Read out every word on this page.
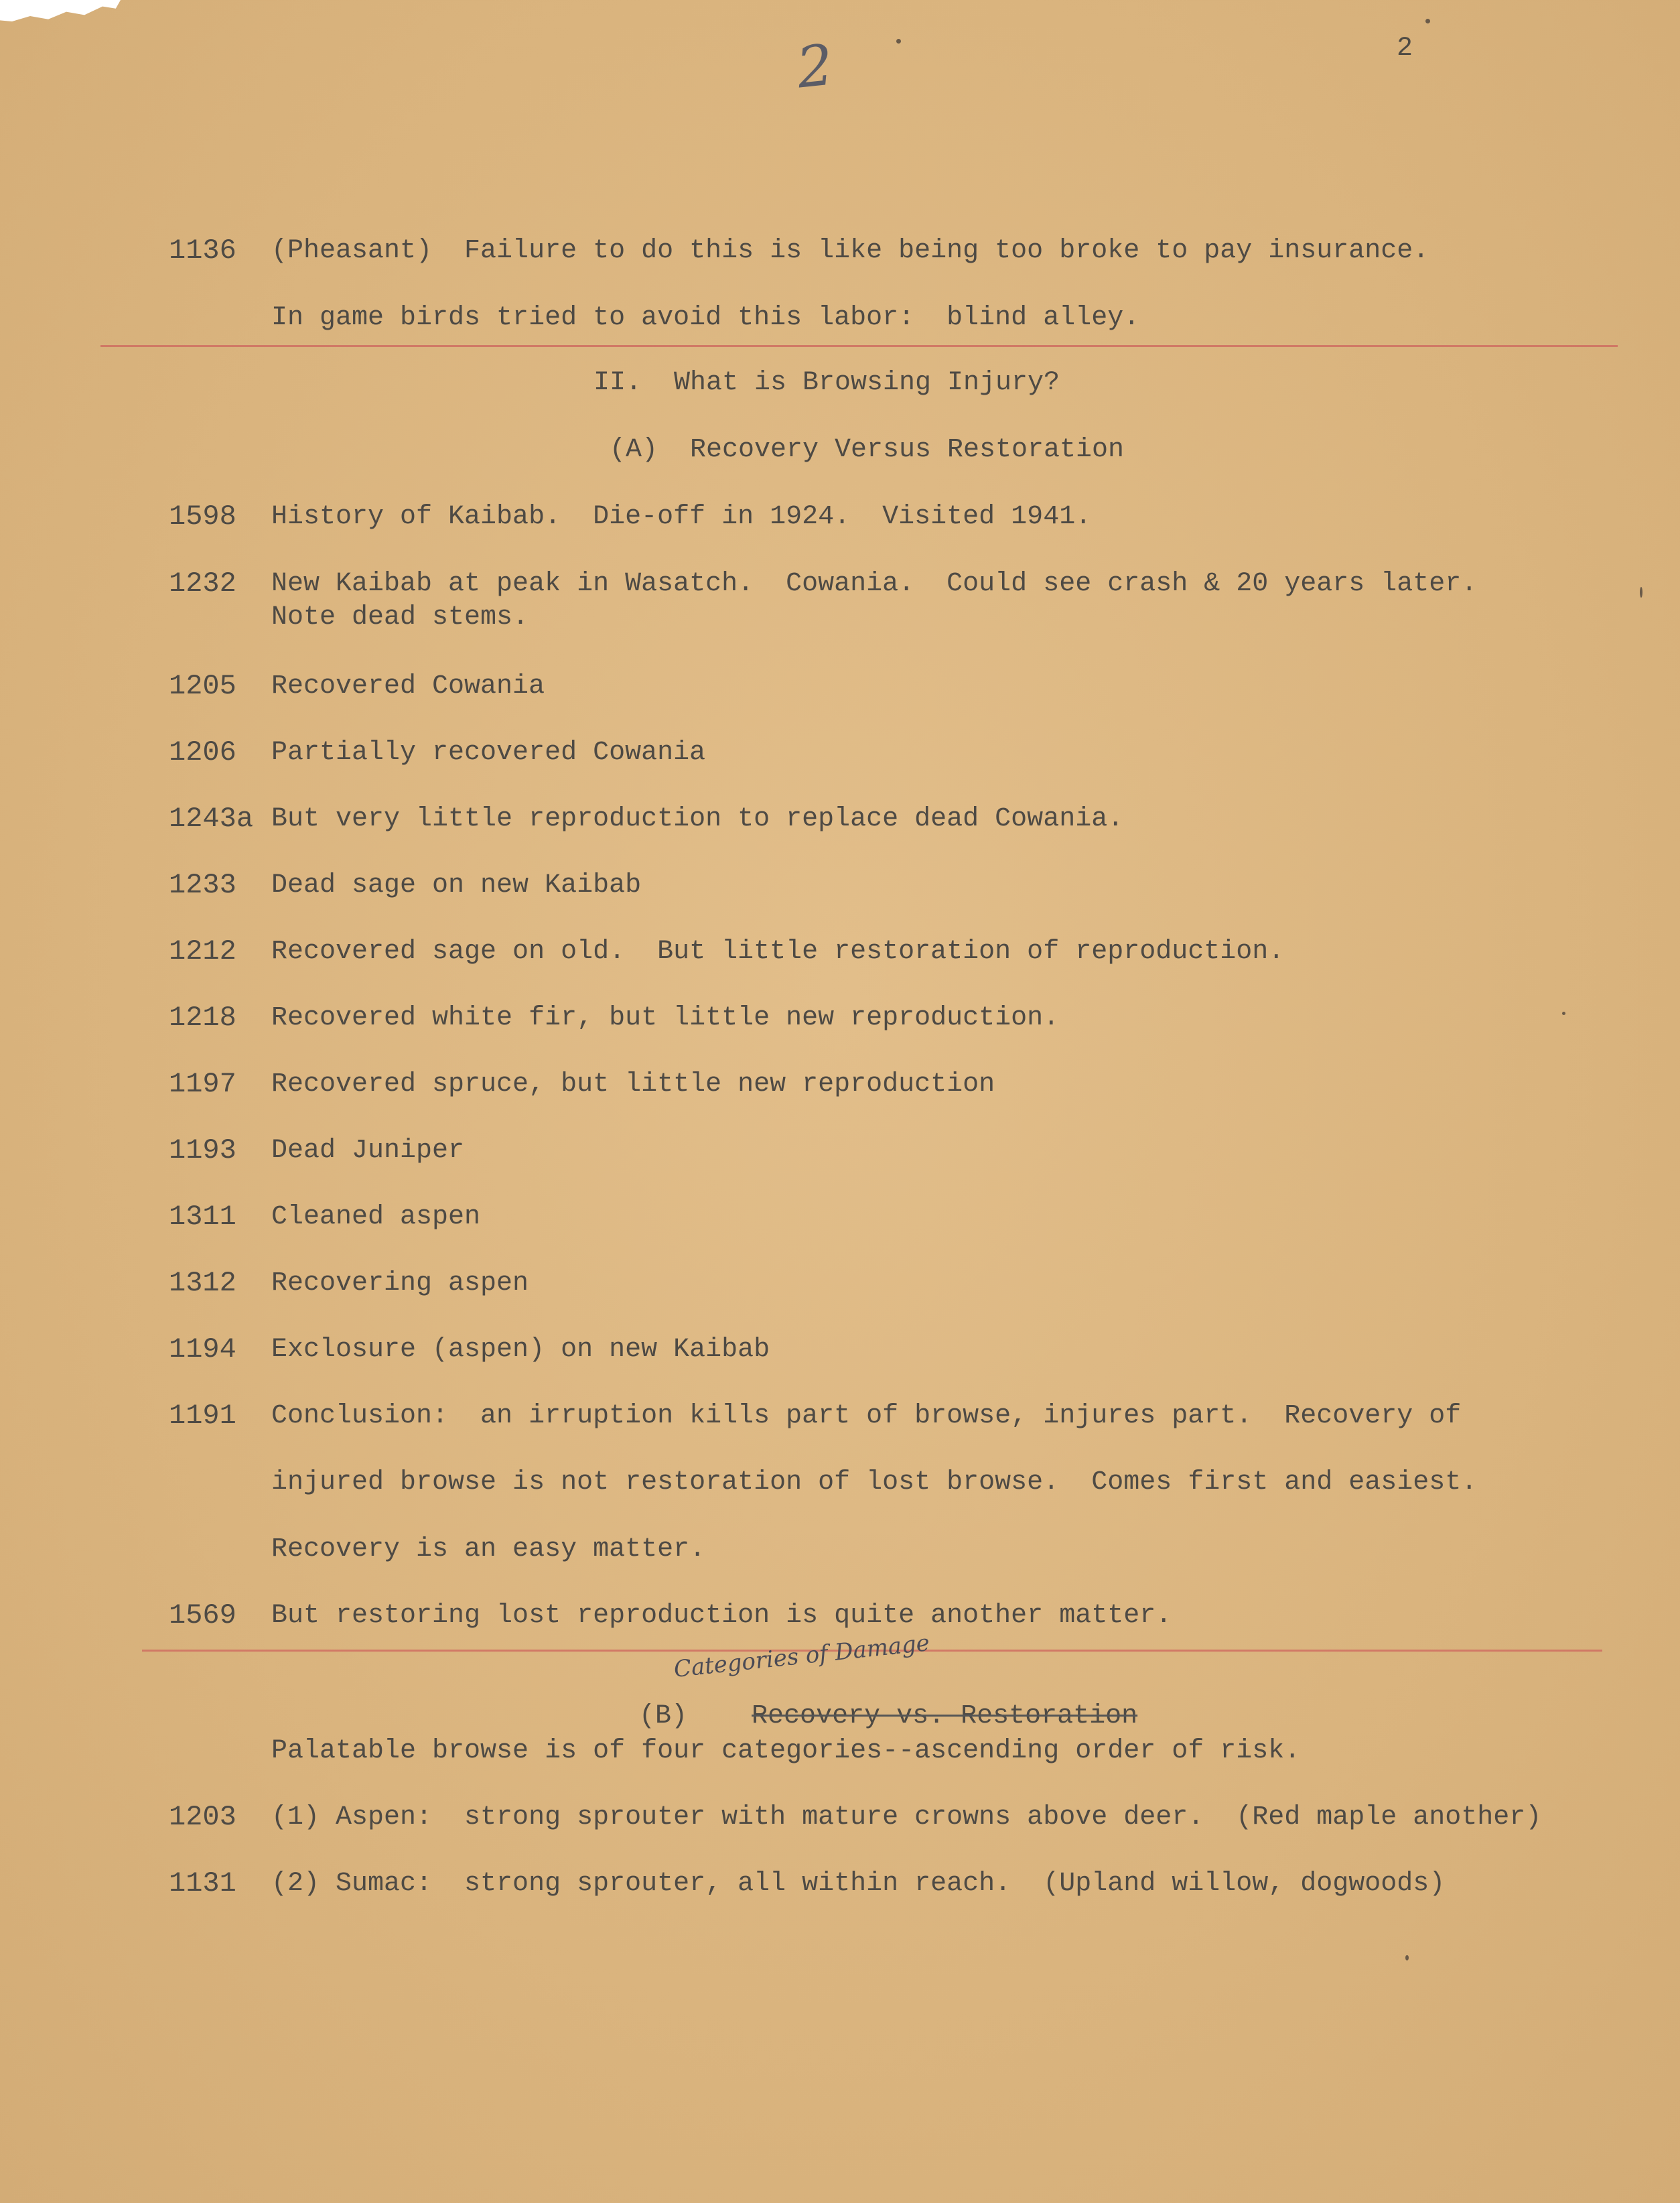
2	2
1136	(Pheasant)  Failure to do this is like being too broke to pay insurance.
In game birds tried to avoid this labor:  blind alley.
II.  What is Browsing Injury?
(A)  Recovery Versus Restoration
1598	History of Kaibab.  Die-off in 1924.  Visited 1941.
1232	New Kaibab at peak in Wasatch.  Cowania.  Could see crash & 20 years later.
Note dead stems.
1205	Recovered Cowania
1206	Partially recovered Cowania
1243a But very little reproduction to replace dead Cowania.
1233	Dead sage on new Kaibab
1212	Recovered sage on old.  But little restoration of reproduction.
1218	Recovered white fir, but little new reproduction.
1197	Recovered spruce, but little new reproduction
1193	Dead Juniper
1311	Cleaned aspen
1312	Recovering aspen
1194	Exclosure (aspen) on new Kaibab
1191	Conclusion:  an irruption kills part of browse, injures part.  Recovery of
injured browse is not restoration of lost browse.  Comes first and easiest.
Recovery is an easy matter.
1569	But restoring lost reproduction is quite another matter.
Categories of Damage

(B) Recovery vs. Restoration

Palatable browse is of four categories--ascending order of risk.
1203	(1) Aspen:  strong sprouter with mature crowns above deer.  (Red maple another)
1131	(2) Sumac:  strong sprouter, all within reach.  (Upland willow, dogwoods)
